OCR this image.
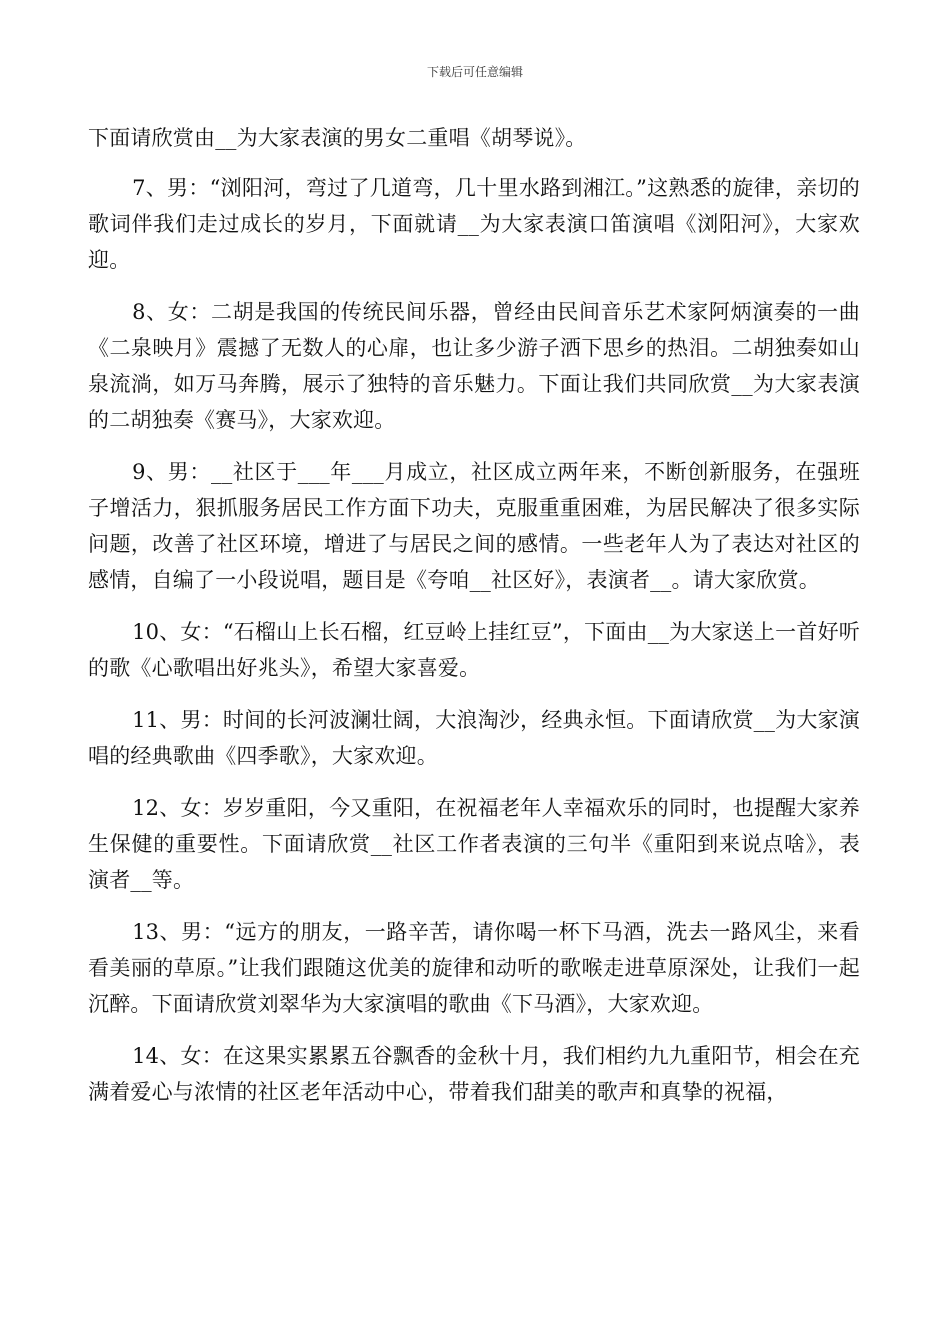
下载后可任意编辑

下面请欣赏由__为大家表演的男女二重唱《胡琴说》。

7、男：“浏阳河，弯过了几道弯，几十里水路到湘江。”这熟悉的旋律，亲切的歌词伴我们走过成长的岁月，下面就请__为大家表演口笛演唱《浏阳河》，大家欢迎。

8、女：二胡是我国的传统民间乐器，曾经由民间音乐艺术家阿炳演奏的一曲《二泉映月》震撼了无数人的心扉，也让多少游子洒下思乡的热泪。二胡独奏如山泉流淌，如万马奔腾，展示了独特的音乐魅力。下面让我们共同欣赏__为大家表演的二胡独奏《赛马》，大家欢迎。

9、男：__社区于___年___月成立，社区成立两年来，不断创新服务，在强班子增活力，狠抓服务居民工作方面下功夫，克服重重困难，为居民解决了很多实际问题，改善了社区环境，增进了与居民之间的感情。一些老年人为了表达对社区的感情，自编了一小段说唱，题目是《夸咱__社区好》，表演者__。请大家欣赏。

10、女：“石榴山上长石榴，红豆岭上挂红豆”，下面由__为大家送上一首好听的歌《心歌唱出好兆头》，希望大家喜爱。

11、男：时间的长河波澜壮阔，大浪淘沙，经典永恒。下面请欣赏__为大家演唱的经典歌曲《四季歌》，大家欢迎。

12、女：岁岁重阳，今又重阳，在祝福老年人幸福欢乐的同时，也提醒大家养生保健的重要性。下面请欣赏__社区工作者表演的三句半《重阳到来说点啥》，表演者__等。

13、男：“远方的朋友，一路辛苦，请你喝一杯下马酒，洗去一路风尘，来看看美丽的草原。”让我们跟随这优美的旋律和动听的歌喉走进草原深处，让我们一起沉醉。下面请欣赏刘翠华为大家演唱的歌曲《下马酒》，大家欢迎。

14、女：在这果实累累五谷飘香的金秋十月，我们相约九九重阳节，相会在充满着爱心与浓情的社区老年活动中心，带着我们甜美的歌声和真挚的祝福，
